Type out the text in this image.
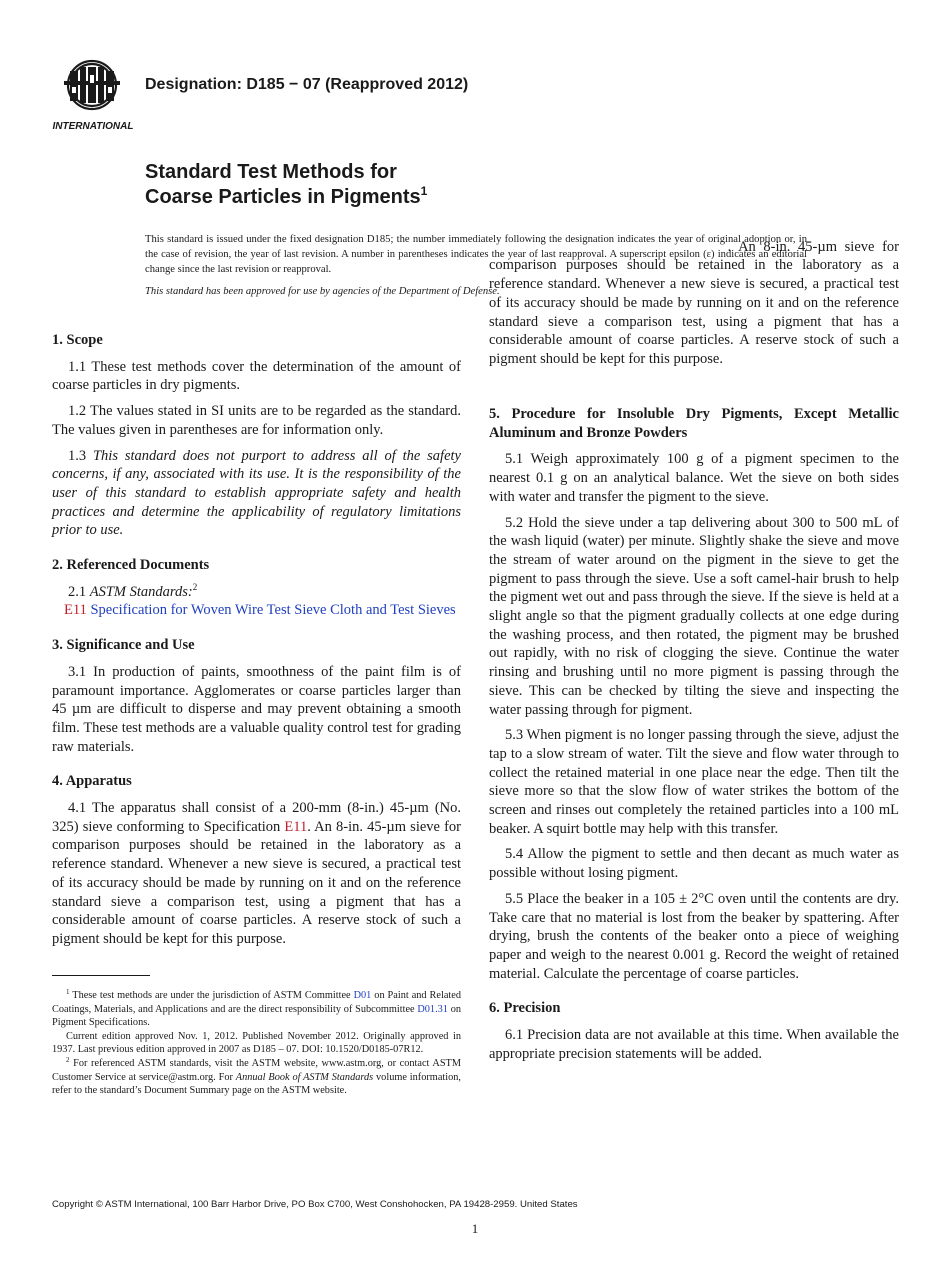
INTERNATIONAL
Designation: D185 − 07 (Reapproved 2012)
Standard Test Methods for
Coarse Particles in Pigments$^1$
This standard is issued under the fixed designation D185; the number immediately following the designation indicates the year of original adoption or, in the case of revision, the year of last revision. A number in parentheses indicates the year of last reapproval. A superscript epsilon (ε) indicates an editorial change since the last revision or reapproval.
This standard has been approved for use by agencies of the Department of Defense.

1. Scope

1.1 These test methods cover the determination of the amount of coarse particles in dry pigments.

1.2 The values stated in SI units are to be regarded as the standard. The values given in parentheses are for information only.

1.3 This standard does not purport to address all of the safety concerns, if any, associated with its use. It is the responsibility of the user of this standard to establish appropriate safety and health practices and determine the applicability of regulatory limitations prior to use.

2. Referenced Documents

2.1 ASTM Standards:$^2$

E11 Specification for Woven Wire Test Sieve Cloth and Test Sieves

3. Significance and Use

3.1 In production of paints, smoothness of the paint film is of paramount importance. Agglomerates or coarse particles larger than 45 µm are difficult to disperse and may prevent obtaining a smooth film. These test methods are a valuable quality control test for grading raw materials.

4. Apparatus

4.1 The apparatus shall consist of a 200-mm (8-in.) 45-µm (No. 325) sieve conforming to Specification E11. An 8-in. 45-µm sieve for comparison purposes should be retained in the laboratory as a reference standard. Whenever a new sieve is secured, a practical test of its accuracy should be made by running on it and on the reference standard sieve a comparison test, using a pigment that has a considerable amount of coarse particles. A reserve stock of such a pigment should be kept for this purpose.

$^1$ These test methods are under the jurisdiction of ASTM Committee D01 on Paint and Related Coatings, Materials, and Applications and are the direct responsibility of Subcommittee D01.31 on Pigment Specifications.

Current edition approved Nov. 1, 2012. Published November 2012. Originally approved in 1937. Last previous edition approved in 2007 as D185 – 07. DOI: 10.1520/D0185-07R12.

$^2$ For referenced ASTM standards, visit the ASTM website, www.astm.org, or contact ASTM Customer Service at service@astm.org. For Annual Book of ASTM Standards volume information, refer to the standard’s Document Summary page on the ASTM website.

. An 8-in. 45-µm sieve for comparison purposes should be retained in the laboratory as a reference standard. Whenever a new sieve is secured, a practical test of its accuracy should be made by running on it and on the reference standard sieve a comparison test, using a pigment that has a considerable amount of coarse particles. A reserve stock of such a pigment should be kept for this purpose.

5. Procedure for Insoluble Dry Pigments, Except Metallic Aluminum and Bronze Powders

5.1 Weigh approximately 100 g of a pigment specimen to the nearest 0.1 g on an analytical balance. Wet the sieve on both sides with water and transfer the pigment to the sieve.

5.2 Hold the sieve under a tap delivering about 300 to 500 mL of the wash liquid (water) per minute. Slightly shake the sieve and move the stream of water around on the pigment in the sieve to get the pigment to pass through the sieve. Use a soft camel-hair brush to help the pigment wet out and pass through the sieve. If the sieve is held at a slight angle so that the pigment gradually collects at one edge during the washing process, and then rotated, the pigment may be brushed out rapidly, with no risk of clogging the sieve. Continue the water rinsing and brushing until no more pigment is passing through the sieve. This can be checked by tilting the sieve and inspecting the water passing through for pigment.

5.3 When pigment is no longer passing through the sieve, adjust the tap to a slow stream of water. Tilt the sieve and flow water through to collect the retained material in one place near the edge. Then tilt the sieve more so that the slow flow of water strikes the bottom of the screen and rinses out completely the retained particles into a 100 mL beaker. A squirt bottle may help with this transfer.

5.4 Allow the pigment to settle and then decant as much water as possible without losing pigment.

5.5 Place the beaker in a 105 ± 2°C oven until the contents are dry. Take care that no material is lost from the beaker by spattering. After drying, brush the contents of the beaker onto a piece of weighing paper and weigh to the nearest 0.001 g. Record the weight of retained material. Calculate the percentage of coarse particles.

6. Precision

6.1 Precision data are not available at this time. When available the appropriate precision statements will be added.

Copyright © ASTM International, 100 Barr Harbor Drive, PO Box C700, West Conshohocken, PA 19428-2959. United States
1
